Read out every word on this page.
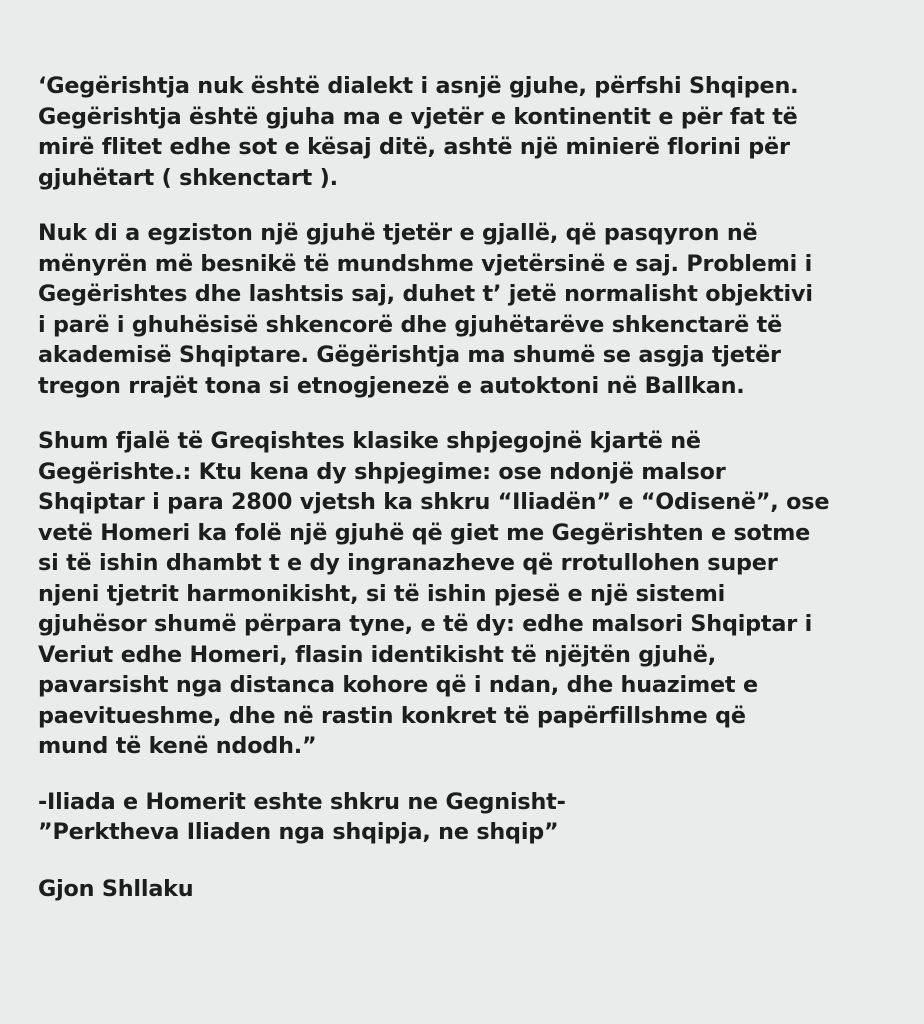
‘Gegërishtja nuk është dialekt i asnjë gjuhe, përfshi Shqipen.
Gegërishtja është gjuha ma e vjetër e kontinentit e për fat të
mirë flitet edhe sot e kësaj ditë, ashtë një minierë florini për
gjuhëtart ( shkenctart ).
Nuk di a egziston një gjuhë tjetër e gjallë, që pasqyron në
mënyrën më besnikë të mundshme vjetërsinë e saj. Problemi i
Gegërishtes dhe lashtsis saj, duhet t’ jetë normalisht objektivi
i parë i ghuhësisë shkencorë dhe gjuhëtarëve shkenctarë të
akademisë Shqiptare. Gëgërishtja ma shumë se asgja tjetër
tregon rrajët tona si etnogjenezë e autoktoni në Ballkan.
Shum fjalë të Greqishtes klasike shpjegojnë kjartë në
Gegërishte.: Ktu kena dy shpjegime: ose ndonjë malsor
Shqiptar i para 2800 vjetsh ka shkru “Iliadën” e “Odisenë”, ose
vetë Homeri ka folë një gjuhë që giet me Gegërishten e sotme
si të ishin dhambt t e dy ingranazheve që rrotullohen super
njeni tjetrit harmonikisht, si të ishin pjesë e një sistemi
gjuhësor shumë përpara tyne, e të dy: edhe malsori Shqiptar i
Veriut edhe Homeri, flasin identikisht të njëjtën gjuhë,
pavarsisht nga distanca kohore që i ndan, dhe huazimet e
paevitueshme, dhe në rastin konkret të papërfillshme që
mund të kenë ndodh.”
-Iliada e Homerit eshte shkru ne Gegnisht-
”Perktheva Iliaden nga shqipja, ne shqip”
Gjon Shllaku
